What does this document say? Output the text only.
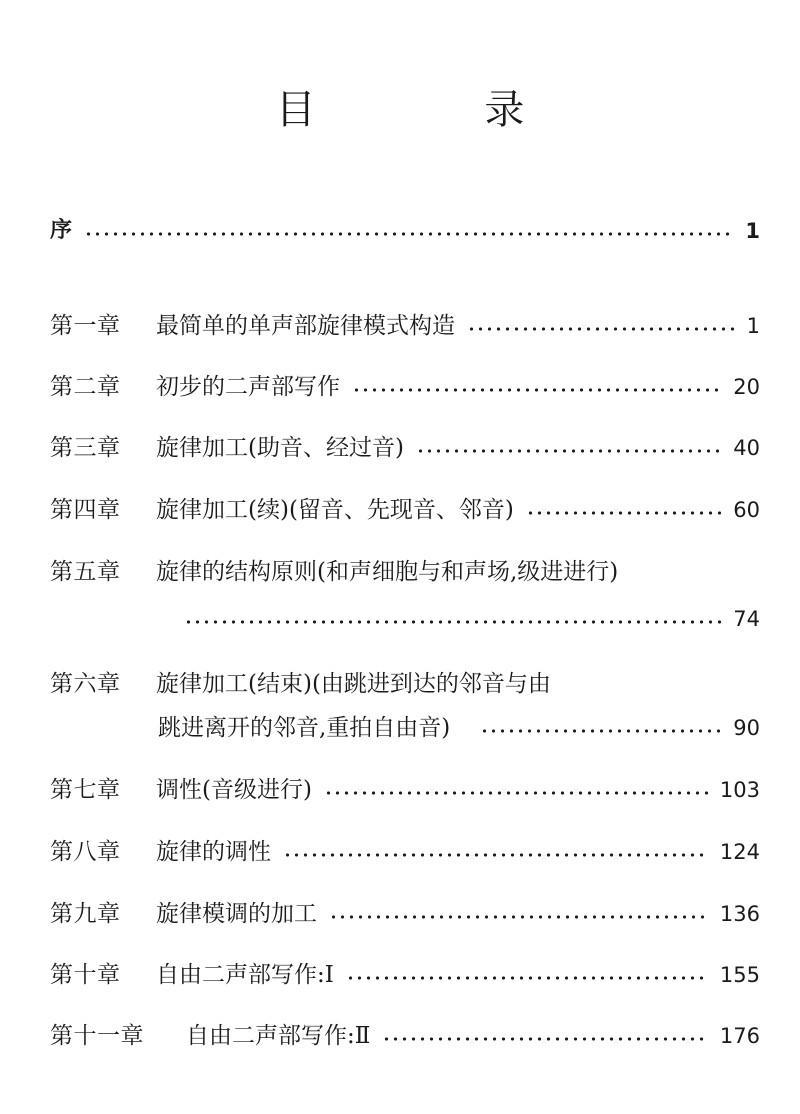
目 录
序	1
第一章	最简单的单声部旋律模式构造	1
第二章	初步的二声部写作	20
第三章	旋律加工(助音、经过音)	40
第四章	旋律加工(续)(留音、先现音、邻音)	60
第五章	旋律的结构原则(和声细胞与和声场,级进进行)
74
第六章	旋律加工(结束)(由跳进到达的邻音与由
跳进离开的邻音,重拍自由音)	90
第七章	调性(音级进行)	103
第八章	旋律的调性	124
第九章	旋律模调的加工	136
第十章	自由二声部写作:Ⅰ	155
第十一章	自由二声部写作:Ⅱ	176
